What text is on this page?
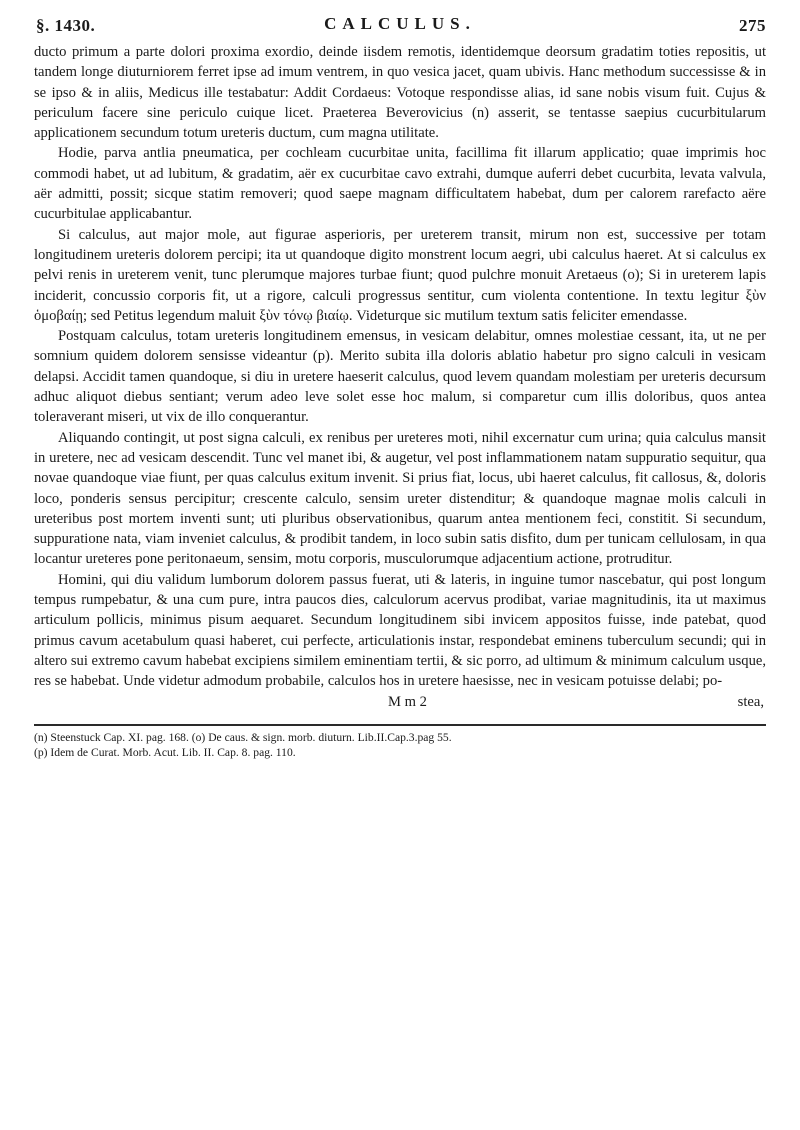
§. 1430.	CALCULUS.	275

ducto primum a parte dolori proxima exordio, deinde iisdem remotis, identidemque deorsum gradatim toties repositis, ut tandem longe diuturniorem ferret ipse ad imum ventrem, in quo vesica jacet, quam ubivis. Hanc methodum successisse & in se ipso & in aliis, Medicus ille testabatur: Addit Cordaeus: Votoque respondisse alias, id sane nobis visum fuit. Cujus & periculum facere sine periculo cuique licet. Praeterea Beverovicius (n) asserit, se tentasse saepius cucurbitularum applicationem secundum totum ureteris ductum, cum magna utilitate.

Hodie, parva antlia pneumatica, per cochleam cucurbitae unita, facillima fit illarum applicatio; quae imprimis hoc commodi habet, ut ad lubitum, & gradatim, aër ex cucurbitae cavo extrahi, dumque auferri debet cucurbita, levata valvula, aër admitti, possit; sicque statim removeri; quod saepe magnam difficultatem habebat, dum per calorem rarefacto aëre cucurbitulae applicabantur.

Si calculus, aut major mole, aut figurae asperioris, per ureterem transit, mirum non est, successive per totam longitudinem ureteris dolorem percipi; ita ut quandoque digito monstrent locum aegri, ubi calculus haeret. At si calculus ex pelvi renis in ureterem venit, tunc plerumque majores turbae fiunt; quod pulchre monuit Aretaeus (o); Si in ureterem lapis inciderit, concussio corporis fit, ut a rigore, calculi progressus sentitur, cum violenta contentione. In textu legitur ξὺν ὁμοβαίῃ; sed Petitus legendum maluit ξὺν τόνῳ βιαίῳ. Videturque sic mutilum textum satis feliciter emendasse.

Postquam calculus, totam ureteris longitudinem emensus, in vesicam delabitur, omnes molestiae cessant, ita, ut ne per somnium quidem dolorem sensisse videantur (p). Merito subita illa doloris ablatio habetur pro signo calculi in vesicam delapsi. Accidit tamen quandoque, si diu in uretere haeserit calculus, quod levem quandam molestiam per ureteris decursum adhuc aliquot diebus sentiant; verum adeo leve solet esse hoc malum, si comparetur cum illis doloribus, quos antea toleraverant miseri, ut vix de illo conquerantur.

Aliquando contingit, ut post signa calculi, ex renibus per ureteres moti, nihil excernatur cum urina; quia calculus mansit in uretere, nec ad vesicam descendit. Tunc vel manet ibi, & augetur, vel post inflammationem natam suppuratio sequitur, qua novae quandoque viae fiunt, per quas calculus exitum invenit. Si prius fiat, locus, ubi haeret calculus, fit callosus, &, doloris loco, ponderis sensus percipitur; crescente calculo, sensim ureter distenditur; & quandoque magnae molis calculi in ureteribus post mortem inventi sunt; uti pluribus observationibus, quarum antea mentionem feci, constitit. Si secundum, suppuratione nata, viam inveniet calculus, & prodibit tandem, in loco subin satis disfito, dum per tunicam cellulosam, in qua locantur ureteres pone peritonaeum, sensim, motu corporis, musculorumque adjacentium actione, protruditur.

Homini, qui diu validum lumborum dolorem passus fuerat, uti & lateris, in inguine tumor nascebatur, qui post longum tempus rumpebatur, & una cum pure, intra paucos dies, calculorum acervus prodibat, variae magnitudinis, ita ut maximus articulum pollicis, minimus pisum aequaret. Secundum longitudinem sibi invicem appositos fuisse, inde patebat, quod primus cavum acetabulum quasi haberet, cui perfecte, articulationis instar, respondebat eminens tuberculum secundi; qui in altero sui extremo cavum habebat excipiens similem eminentiam tertii, & sic porro, ad ultimum & minimum calculum usque, res se habebat. Unde videtur admodum probabile, calculos hos in uretere haesisse, nec in vesicam potuisse delabi; po-

M m 2	stea,
(n) Steenstuck Cap. XI. pag. 168. (o) De caus. & sign. morb. diuturn. Lib.II.Cap.3.pag 55.
(p) Idem de Curat. Morb. Acut. Lib. II. Cap. 8. pag. 110.
